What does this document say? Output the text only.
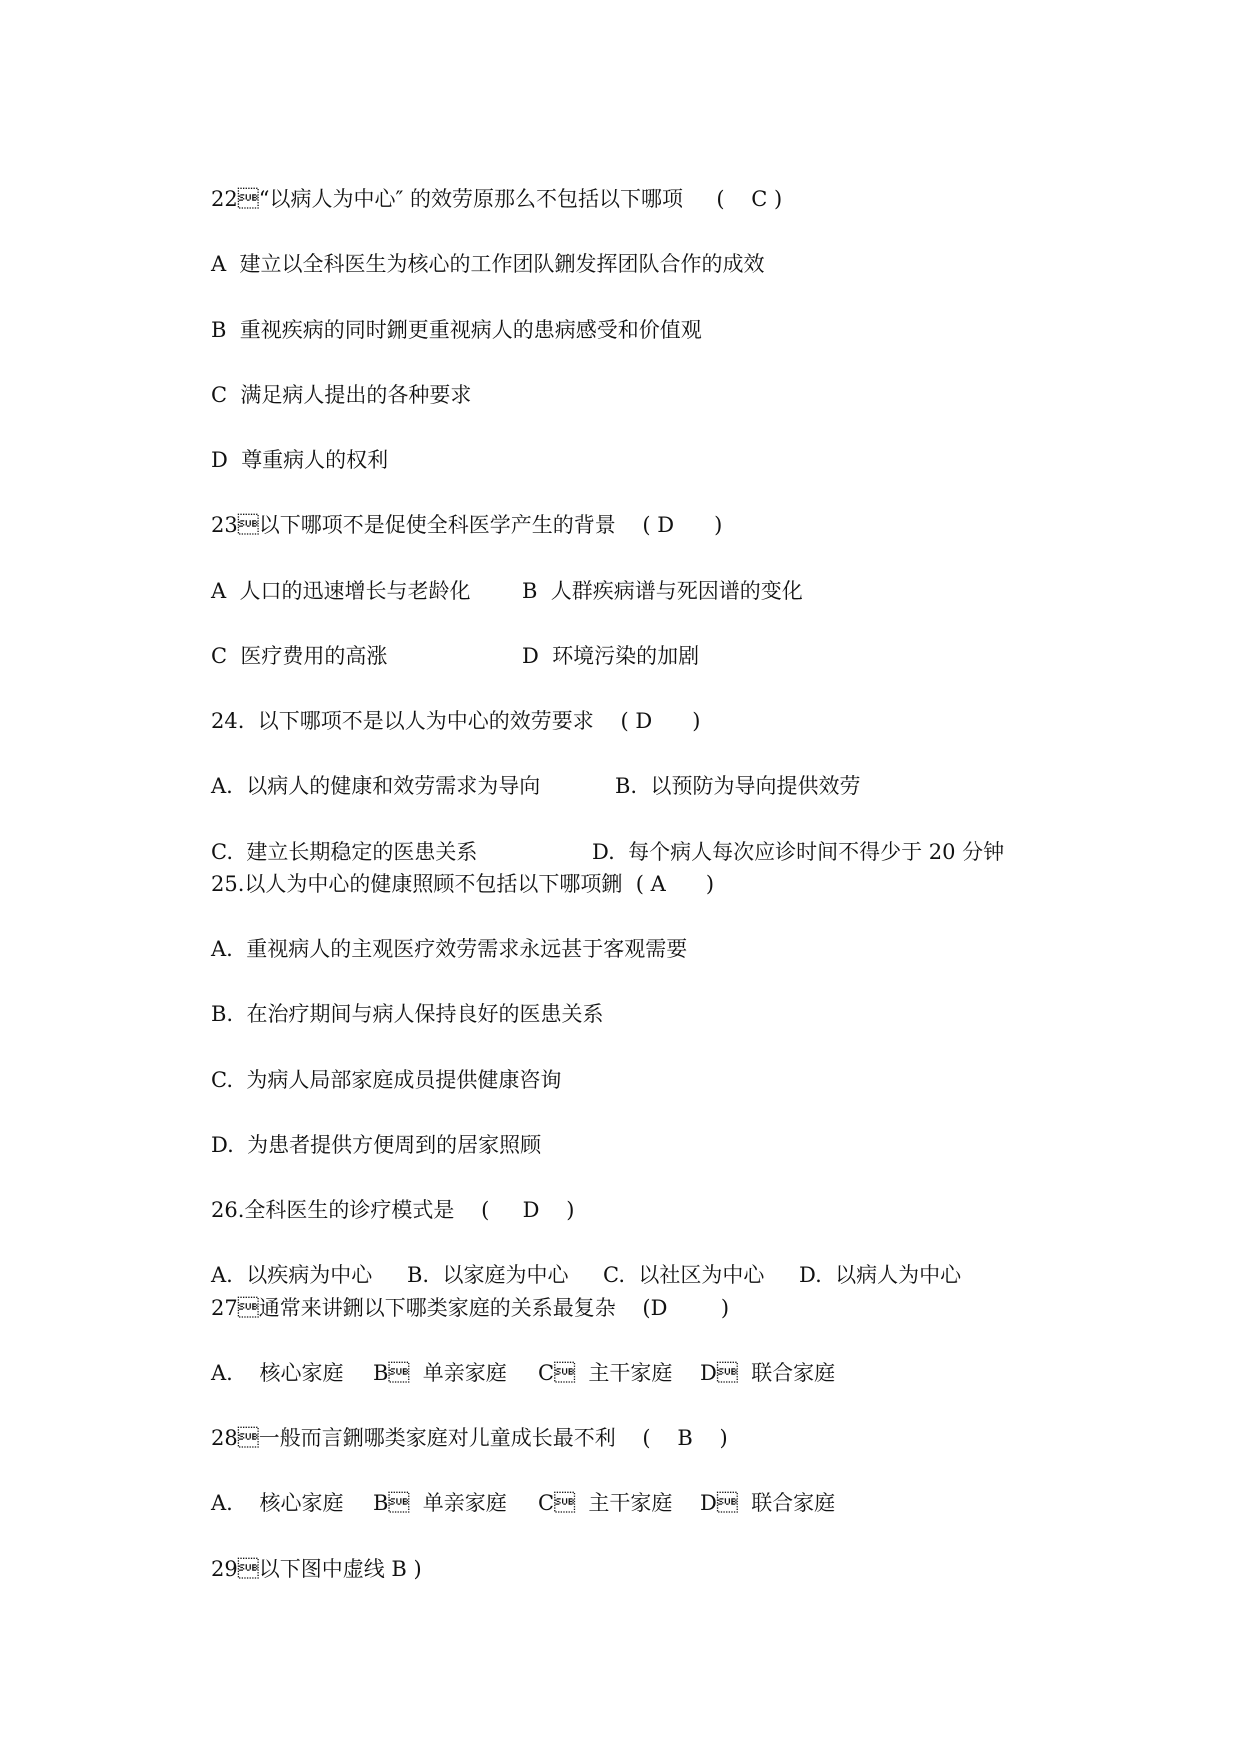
22“以病人为中心″ 的效劳原那么不包括以下哪项     (    C )
A  建立以全科医生为核心的工作团队鉶发挥团队合作的成效
B  重视疾病的同时鉶更重视病人的患病感受和价值观
C  满足病人提出的各种要求
D  尊重病人的权利
23以下哪项不是促使全科医学产生的背景    ( D      )
A  人口的迅速增长与老龄化 B  人群疾病谱与死因谱的变化
C  医疗费用的高涨	D  环境污染的加剧
24.  以下哪项不是以人为中心的效劳要求    ( D      )
A.  以病人的健康和效劳需求为导向	B.  以预防为导向提供效劳
C.  建立长期稳定的医患关系	D.  每个病人每次应诊时间不得少于 20 分钟
25.以人为中心的健康照顾不包括以下哪项鉶  ( A      )
A.  重视病人的主观医疗效劳需求永远甚于客观需要
B.  在治疗期间与病人保持良好的医患关系
C.  为病人局部家庭成员提供健康咨询
D.  为患者提供方便周到的居家照顾
26.全科医生的诊疗模式是    (     D    )
A.  以疾病为中心 B.  以家庭为中心 C.  以社区为中心 D.  以病人为中心
27通常来讲鉶以下哪类家庭的关系最复杂    (D        )
A.    核心家庭 B  单亲家庭 C  主干家庭 D  联合家庭
28一般而言鉶哪类家庭对儿童成长最不利    (    B    )
A.    核心家庭 B  单亲家庭 C  主干家庭 D  联合家庭
29以下图中虚线 B )
